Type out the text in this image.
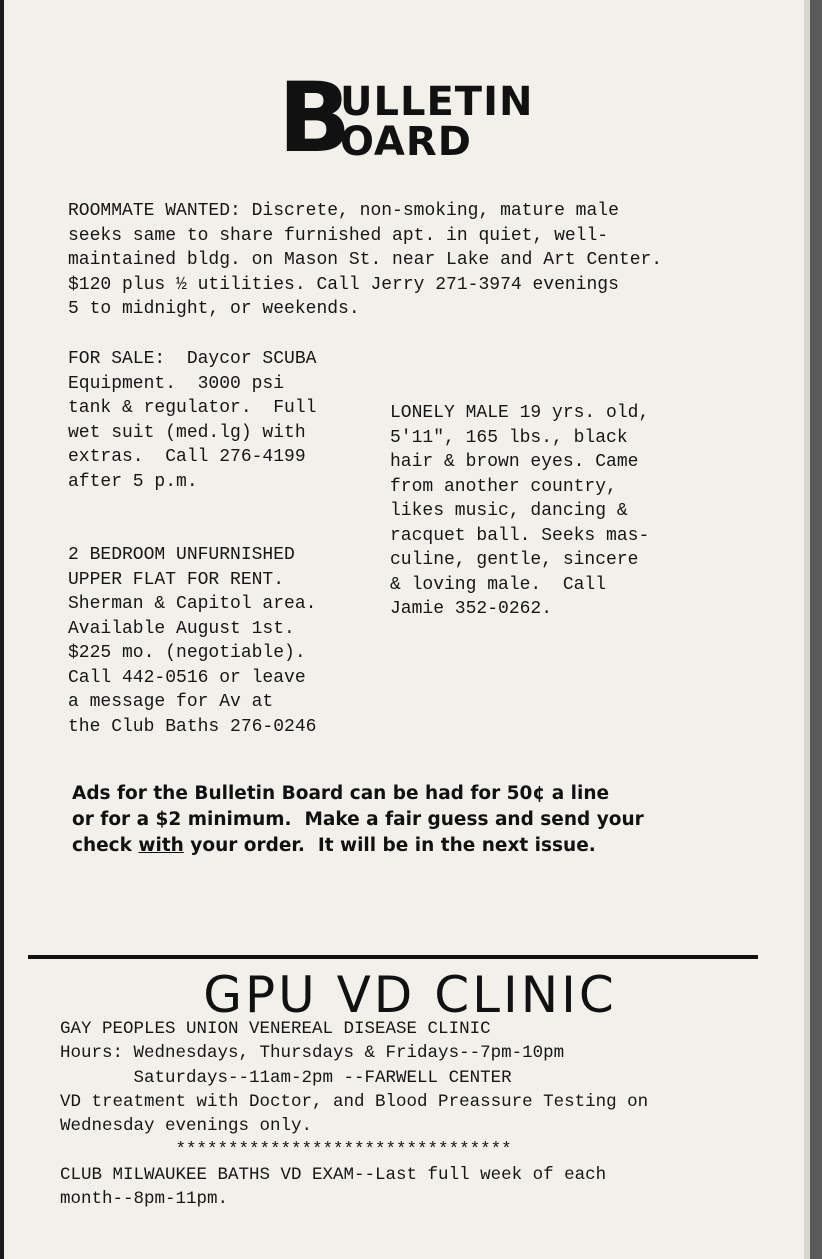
B
ULLETIN
OARD
ROOMMATE WANTED: Discrete, non-smoking, mature male
seeks same to share furnished apt. in quiet, well-
maintained bldg. on Mason St. near Lake and Art Center.
$120 plus ½ utilities. Call Jerry 271-3974 evenings
5 to midnight, or weekends.
FOR SALE:  Daycor SCUBA
Equipment.  3000 psi
tank & regulator.  Full
wet suit (med.lg) with
extras.  Call 276-4199
after 5 p.m.
LONELY MALE 19 yrs. old,
5'11", 165 lbs., black
hair & brown eyes. Came
from another country,
likes music, dancing &
racquet ball. Seeks mas-
culine, gentle, sincere
& loving male.  Call
Jamie 352-0262.
2 BEDROOM UNFURNISHED
UPPER FLAT FOR RENT.
Sherman & Capitol area.
Available August 1st.
$225 mo. (negotiable).
Call 442-0516 or leave
a message for Av at
the Club Baths 276-0246

Ads for the Bulletin Board can be had for 50¢ a line
or for a $2 minimum.  Make a fair guess and send your
check with your order.  It will be in the next issue.

GPU VD CLINIC
GAY PEOPLES UNION VENEREAL DISEASE CLINIC
Hours: Wednesdays, Thursdays & Fridays--7pm-10pm
Saturdays--11am-2pm --FARWELL CENTER
VD treatment with Doctor, and Blood Preassure Testing on
Wednesday evenings only.
********************************
CLUB MILWAUKEE BATHS VD EXAM--Last full week of each
month--8pm-11pm.
